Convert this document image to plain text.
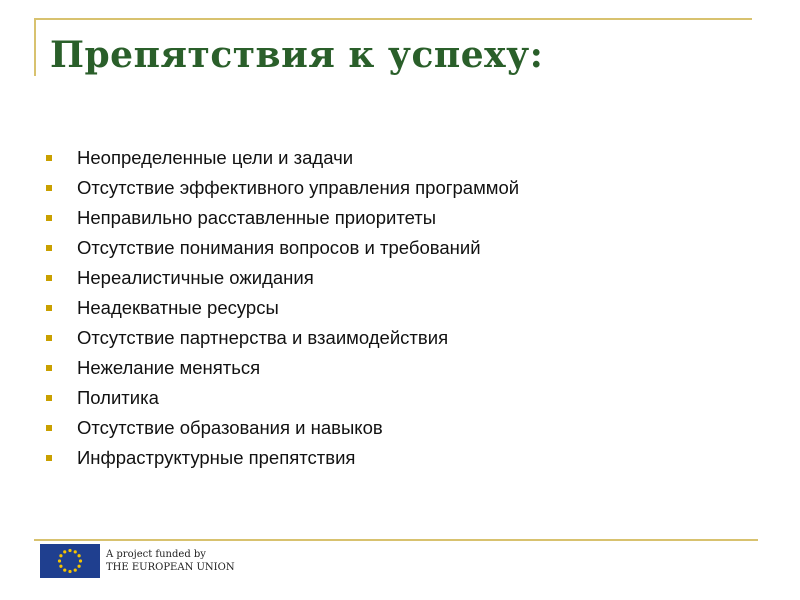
Препятствия к успеху:
Неопределенные цели и задачи
Отсутствие эффективного управления программой
Неправильно расставленные приоритеты
Отсутствие понимания вопросов и требований
Нереалистичные ожидания
Неадекватные ресурсы
Отсутствие партнерства и взаимодействия
Нежелание меняться
Политика
Отсутствие образования и навыков
Инфраструктурные препятствия
A project funded by
THE EUROPEAN UNION
